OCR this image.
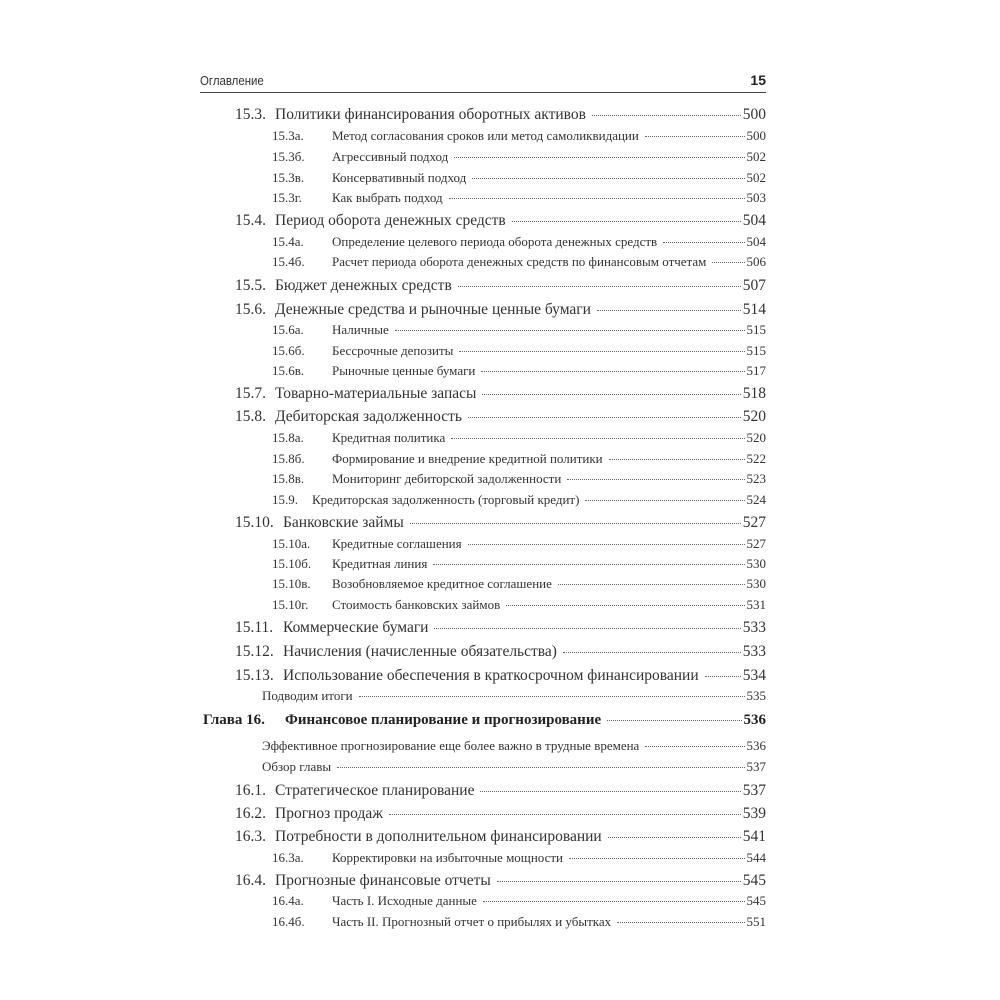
Оглавление	15
15.3. Политики финансирования оборотных активов	500
15.3а.	Метод согласования сроков или метод самоликвидации	500
15.3б.	Агрессивный подход	502
15.3в.	Консервативный подход	502
15.3г.	Как выбрать подход	503
15.4. Период оборота денежных средств	504
15.4а.	Определение целевого периода оборота денежных средств	504
15.4б.	Расчет периода оборота денежных средств по финансовым отчетам	506
15.5. Бюджет денежных средств	507
15.6. Денежные средства и рыночные ценные бумаги	514
15.6а.	Наличные	515
15.6б.	Бессрочные депозиты	515
15.6в.	Рыночные ценные бумаги	517
15.7. Товарно-материальные запасы	518
15.8. Дебиторская задолженность	520
15.8а.	Кредитная политика	520
15.8б.	Формирование и внедрение кредитной политики	522
15.8в.	Мониторинг дебиторской задолженности	523
15.9.	Кредиторская задолженность (торговый кредит)	524
15.10. Банковские займы	527
15.10а.	Кредитные соглашения	527
15.10б.	Кредитная линия	530
15.10в.	Возобновляемое кредитное соглашение	530
15.10г.	Стоимость банковских займов	531
15.11. Коммерческие бумаги	533
15.12. Начисления (начисленные обязательства)	533
15.13. Использование обеспечения в краткосрочном финансировании	534
Подводим итоги	535
Глава 16.	Финансовое планирование и прогнозирование	536
Эффективное прогнозирование еще более важно в трудные времена	536
Обзор главы	537
16.1. Стратегическое планирование	537
16.2. Прогноз продаж	539
16.3. Потребности в дополнительном финансировании	541
16.3а.	Корректировки на избыточные мощности	544
16.4. Прогнозные финансовые отчеты	545
16.4а.	Часть I. Исходные данные	545
16.4б.	Часть II. Прогнозный отчет о прибылях и убытках	551
